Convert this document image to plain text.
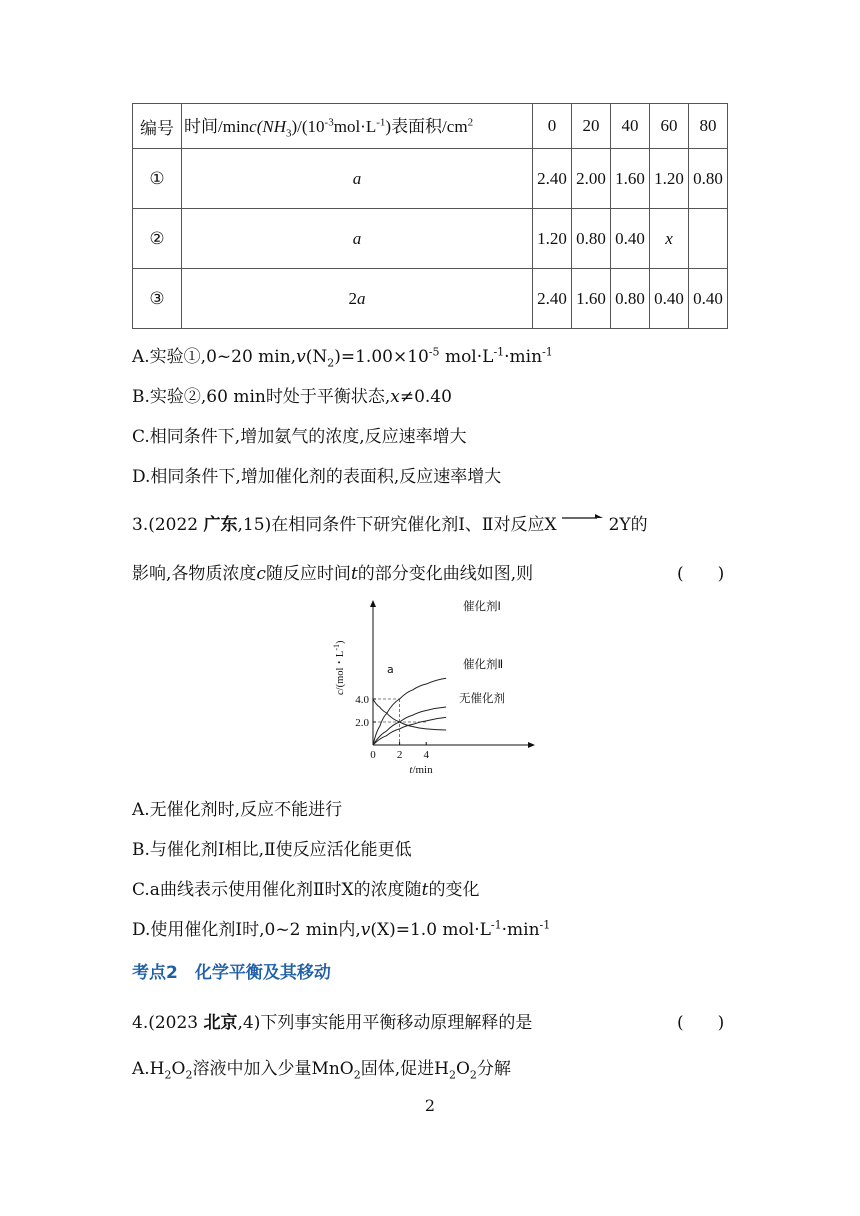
编号	时间$/\min c(NH_3)/(10^{-3}mol\cdot L^{-1})$表面积$/cm^2$	0	20	40	60	80
①	a	2.40	2.00	1.60	1.20	0.80
②	a	1.20	0.80	0.40	x	
③	2a	2.40	1.60	0.80	0.40	0.40
A.实验①,0~20 $\min,v(N_2)=1.00\times 10^{-5}$ $mol\cdot L^{-1}\cdot\min^{-1}$
B.实验②,60 min时处于平衡状态,x≠0.40
C.相同条件下,增加氨气的浓度,反应速率增大
D.相同条件下,增加催化剂的表面积,反应速率增大
3.(2022 广东,15)在相同条件下研究催化剂Ⅰ、Ⅱ对反应X → 2Y的
影响,各物质浓度c随反应时间t的部分变化曲线如图,则	(　　)
0 2 4
2.0
4.0
催化剂Ⅰ
催化剂Ⅱ
无催化剂
a
c/(mol・$L^{-1}$)
t/min
A.无催化剂时,反应不能进行
B.与催化剂Ⅰ相比,Ⅱ使反应活化能更低
C.a曲线表示使用催化剂Ⅱ时X的浓度随t的变化
D.使用催化剂Ⅰ时,0~2 min内,v(X)=1.0 $mol\cdot L^{-1}\cdot\min^{-1}$
考点2　化学平衡及其移动
4.(2023 北京,4)下列事实能用平衡移动原理解释的是	(　　)
$A.H_2O_2$溶液中加入少量MnO$_2$固体,促进$H_2O_2$分解
2
